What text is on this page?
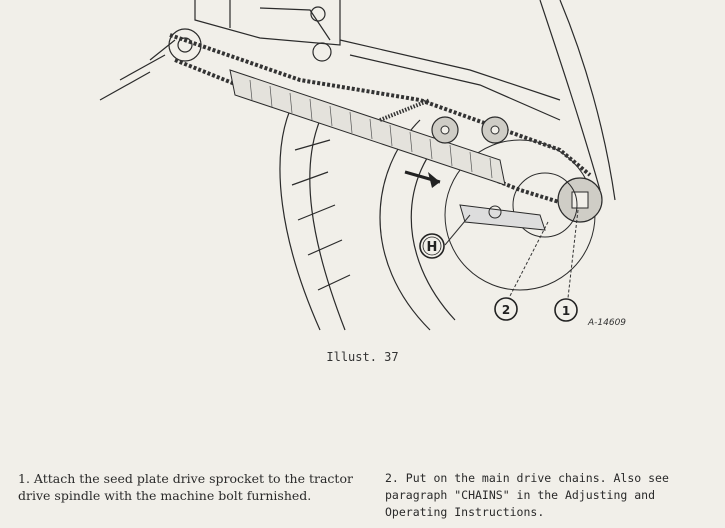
H
2	1
A-14609
Illust. 37
1. Attach the seed plate drive sprocket to the tractor drive spindle with the machine bolt furnished.
2. Put on the main drive chains. Also see paragraph "CHAINS" in the Adjusting and Operating Instructions.
